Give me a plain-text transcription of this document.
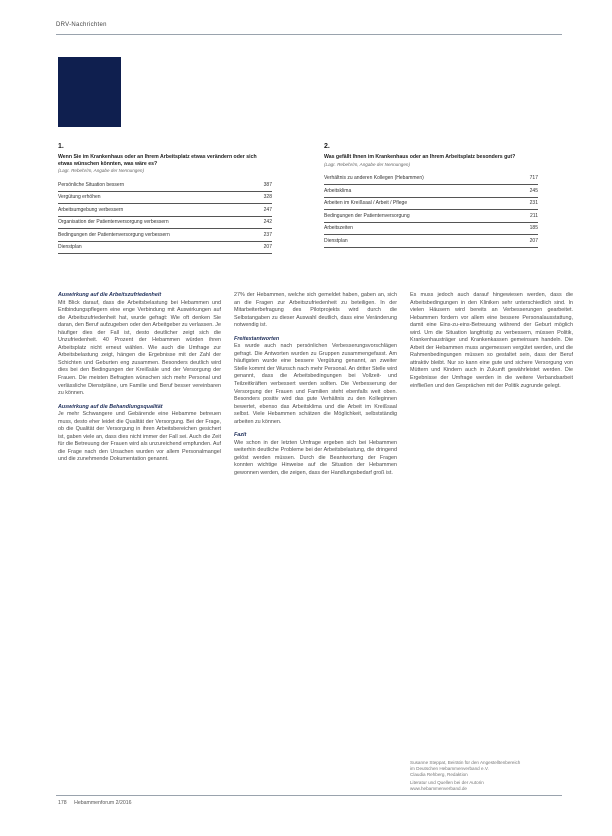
DRV-Nachrichten
1.
Wenn Sie im Krankenhaus oder an Ihrem Arbeitsplatz etwas verändern oder sich etwas wünschen könnten, was wäre es?
(Lagr. Rebehr/m, Angabe der Nennungen)
Persönliche Situation bessern	387
Vergütung erhöhen	328
Arbeitsumgebung verbessern	247
Organisation der Patientenversorgung verbessern	242
Bedingungen der Patientenversorgung verbessern	237
Dienstplan	207
2.
Was gefällt Ihnen im Krankenhaus oder an Ihrem Arbeitsplatz besonders gut?
(Lagr. Rebehr/m, Angabe der Nennungen)
Verhältnis zu anderen Kollegen (Hebammen)	717
Arbeitsklima	245
Arbeiten im Kreißsaal / Arbeit / Pflege	231
Bedingungen der Patientenversorgung	211
Arbeitszeiten	185
Dienstplan	207
Auswirkung auf die Arbeitszufriedenheit

Mit Blick darauf, dass die Arbeitsbelastung bei Hebammen und Entbindungspflegern eine enge Verbindung mit Auswirkungen auf die Arbeitszufriedenheit hat, wurde gefragt: Wie oft denken Sie daran, den Beruf aufzugeben oder den Arbeitgeber zu verlassen. Je häufiger dies der Fall ist, desto deutlicher zeigt sich die Unzufriedenheit. 40 Prozent der Hebammen würden ihren Arbeitsplatz nicht erneut wählen. Wie auch die Umfrage zur Arbeitsbelastung zeigt, hängen die Ergebnisse mit der Zahl der Schichten und Geburten eng zusammen. Besonders deutlich wird dies bei den Bedingungen der Kreißsäle und der Versorgung der Frauen. Die meisten Befragten wünschen sich mehr Personal und verlässliche Dienstpläne, um Familie und Beruf besser vereinbaren zu können.

Auswirkung auf die Behandlungsqualität

Je mehr Schwangere und Gebärende eine Hebamme betreuen muss, desto eher leidet die Qualität der Versorgung. Bei der Frage, ob die Qualität der Versorgung in ihren Arbeitsbereichen gesichert ist, gaben viele an, dass dies nicht immer der Fall sei. Auch die Zeit für die Betreuung der Frauen wird als unzureichend empfunden. Auf die Frage nach den Ursachen wurden vor allem Personalmangel und die zunehmende Dokumentation genannt.

27% der Hebammen, welche sich gemeldet haben, gaben an, sich an die Fragen zur Arbeitszufriedenheit zu beteiligen. In der Mitarbeiterbefragung des Pilotprojekts wird durch die Selbstangaben zu dieser Auswahl deutlich, dass eine Veränderung notwendig ist.

Freitextantworten

Es wurde auch nach persönlichen Verbesserungsvorschlägen gefragt. Die Antworten wurden zu Gruppen zusammengefasst. Am häufigsten wurde eine bessere Vergütung genannt, an zweiter Stelle kommt der Wunsch nach mehr Personal. An dritter Stelle wird genannt, dass die Arbeitsbedingungen bei Vollzeit- und Teilzeitkräften verbessert werden sollten. Die Verbesserung der Versorgung der Frauen und Familien steht ebenfalls weit oben. Besonders positiv wird das gute Verhältnis zu den Kolleginnen bewertet, ebenso das Arbeitsklima und die Arbeit im Kreißsaal selbst. Viele Hebammen schätzen die Möglichkeit, selbstständig arbeiten zu können.

Fazit

Wie schon in der letzten Umfrage ergeben sich bei Hebammen weiterhin deutliche Probleme bei der Arbeitsbelastung, die dringend gelöst werden müssen. Durch die Beantwortung der Fragen konnten wichtige Hinweise auf die Situation der Hebammen gewonnen werden, die zeigen, dass der Handlungsbedarf groß ist.

Es muss jedoch auch darauf hingewiesen werden, dass die Arbeitsbedingungen in den Kliniken sehr unterschiedlich sind. In vielen Häusern wird bereits an Verbesserungen gearbeitet. Hebammen fordern vor allem eine bessere Personalausstattung, damit eine Eins-zu-eins-Betreuung während der Geburt möglich wird. Um die Situation langfristig zu verbessern, müssen Politik, Krankenhausträger und Krankenkassen gemeinsam handeln. Die Arbeit der Hebammen muss angemessen vergütet werden, und die Rahmenbedingungen müssen so gestaltet sein, dass der Beruf attraktiv bleibt. Nur so kann eine gute und sichere Versorgung von Müttern und Kindern auch in Zukunft gewährleistet werden. Die Ergebnisse der Umfrage werden in die weitere Verbandsarbeit einfließen und den Gesprächen mit der Politik zugrunde gelegt.

Susanne Steppat, Beirätin für den Angestelltenbereich
im Deutschen Hebammenverband e.V.
Claudia Rehberg, Redaktion
Literatur und Quellen bei der Autorin
www.hebammenverband.de
178 Hebammenforum 2/2016
